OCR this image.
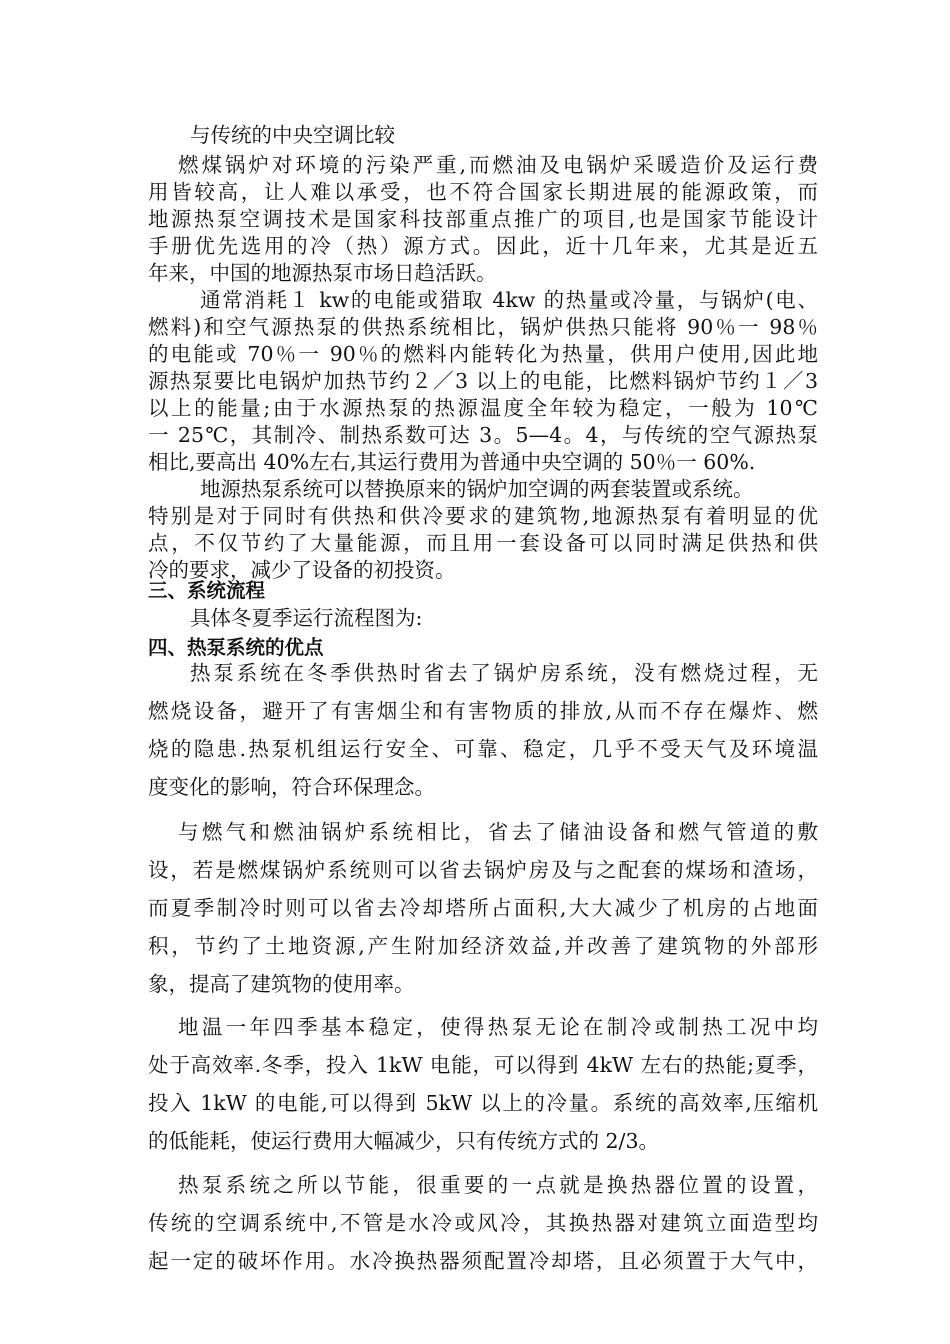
与传统的中央空调比较
燃煤锅炉对环境的污染严重,而燃油及电锅炉采暖造价及运行费
用皆较高，让人难以承受，也不符合国家长期进展的能源政策，而
地源热泵空调技术是国家科技部重点推广的项目,也是国家节能设计
手册优先选用的冷（热）源方式。因此，近十几年来，尤其是近五
年来，中国的地源热泵市场日趋活跃。
通常消耗１ kw的电能或猎取 4kw 的热量或冷量，与锅炉(电、
燃料)和空气源热泵的供热系统相比，锅炉供热只能将 90％一 98％
的电能或 70％一 90％的燃料内能转化为热量，供用户使用,因此地
源热泵要比电锅炉加热节约２／3 以上的电能，比燃料锅炉节约１／3
以上的能量;由于水源热泵的热源温度全年较为稳定，一般为 10℃
一 25℃，其制冷、制热系数可达 3。5—4。4，与传统的空气源热泵
相比,要高出 40%左右,其运行费用为普通中央空调的 50％一 60%.
地源热泵系统可以替换原来的锅炉加空调的两套装置或系统。
特别是对于同时有供热和供冷要求的建筑物,地源热泵有着明显的优
点，不仅节约了大量能源，而且用一套设备可以同时满足供热和供
冷的要求，减少了设备的初投资。
三、系统流程
具体冬夏季运行流程图为:
四、热泵系统的优点
热泵系统在冬季供热时省去了锅炉房系统，没有燃烧过程，无
燃烧设备，避开了有害烟尘和有害物质的排放,从而不存在爆炸、燃
烧的隐患.热泵机组运行安全、可靠、稳定，几乎不受天气及环境温
度变化的影响，符合环保理念。
与燃气和燃油锅炉系统相比，省去了储油设备和燃气管道的敷
设，若是燃煤锅炉系统则可以省去锅炉房及与之配套的煤场和渣场，
而夏季制冷时则可以省去冷却塔所占面积,大大减少了机房的占地面
积，节约了土地资源,产生附加经济效益,并改善了建筑物的外部形
象，提高了建筑物的使用率。
地温一年四季基本稳定，使得热泵无论在制冷或制热工况中均
处于高效率.冬季，投入 1kW 电能，可以得到 4kW 左右的热能;夏季，
投入 1kW 的电能,可以得到 5kW 以上的冷量。系统的高效率,压缩机
的低能耗，使运行费用大幅减少，只有传统方式的 2/3。
热泵系统之所以节能，很重要的一点就是换热器位置的设置，
传统的空调系统中,不管是水冷或风冷，其换热器对建筑立面造型均
起一定的破坏作用。水冷换热器须配置冷却塔，且必须置于大气中，
